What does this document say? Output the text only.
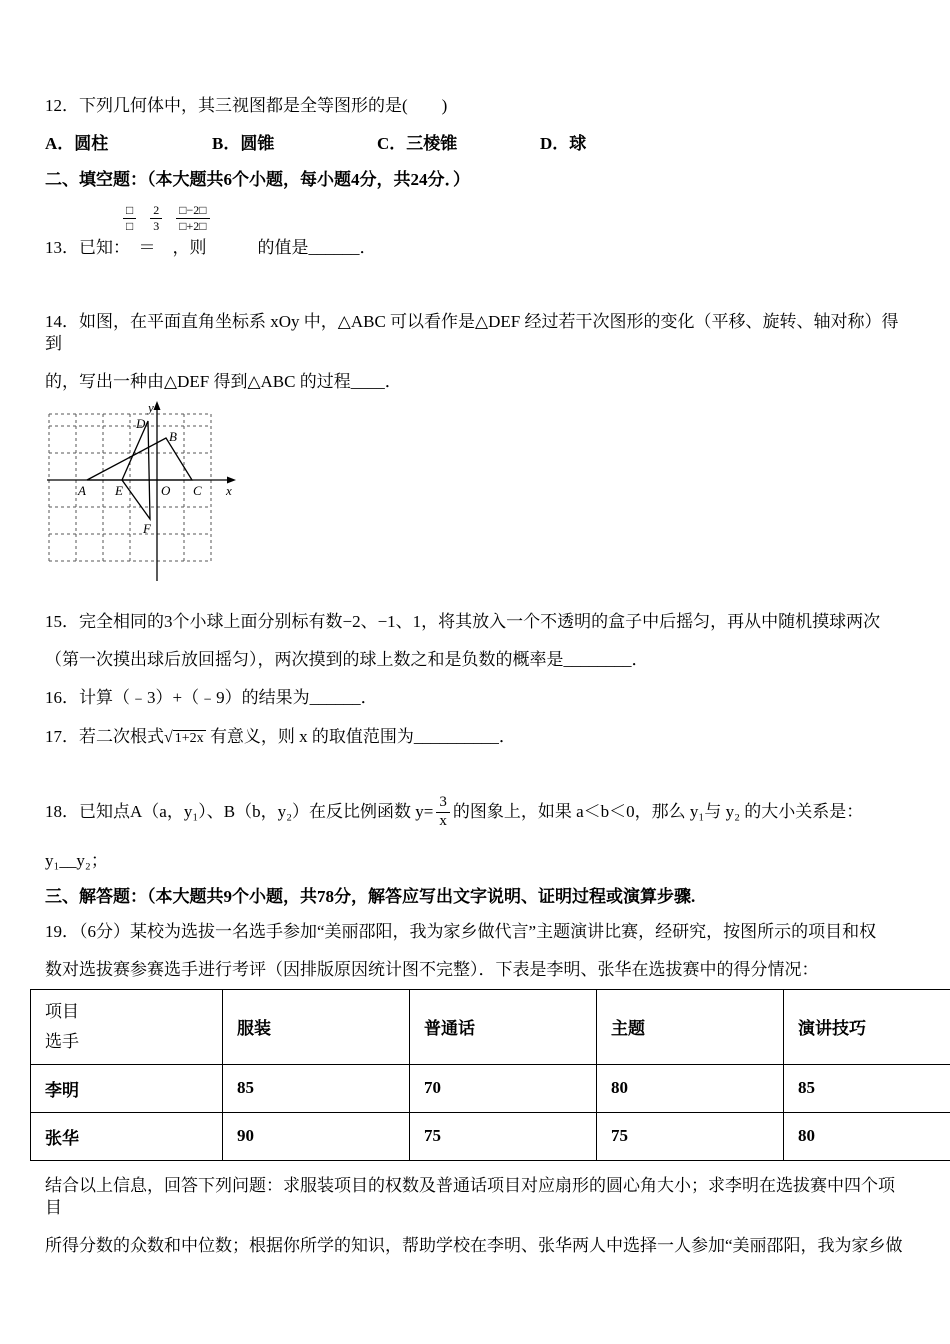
12．下列几何体中，其三视图都是全等图形的是(　　)

A．圆柱	B．圆锥	C．三棱锥	D．球

二、填空题：（本大题共6个小题，每小题4分，共24分．）

$\frac{□}{□} \frac{2}{3} \frac{□-2□}{□+2□}$

13．已知：　＝　，则　　　的值是______．

14．如图，在平面直角坐标系 xOy 中，△ABC 可以看作是△DEF 经过若干次图形的变化（平移、旋转、轴对称）得到

的，写出一种由△DEF 得到△ABC 的过程____．

y
x
O
A E	C
D
B
F

15．完全相同的3个小球上面分别标有数−2、−1、1，将其放入一个不透明的盒子中后摇匀，再从中随机摸球两次

（第一次摸出球后放回摇匀），两次摸到的球上数之和是负数的概率是________．

16．计算（﹣3）+（﹣9）的结果为______．

17．若二次根式√ 1+2x 有意义，则 x 的取值范围为__________．

18．已知点A（a，y₁）、B（b，y₂）在反比例函数 $y= \frac{3}{x}$ 的图象上，如果 a＜b＜0，那么 y₁与 y₂ 的大小关系是：

y₁__y₂；

三、解答题：（本大题共9个小题，共78分，解答应写出文字说明、证明过程或演算步骤.

19．（6分）某校为选拔一名选手参加“美丽邵阳，我为家乡做代言”主题演讲比赛，经研究，按图所示的项目和权

数对选拔赛参赛选手进行考评（因排版原因统计图不完整）．下表是李明、张华在选拔赛中的得分情况：

项目
选手	服装	普通话	主题	演讲技巧
李明	85	70	80	85
张华	90	75	75	80

结合以上信息，回答下列问题：求服装项目的权数及普通话项目对应扇形的圆心角大小；求李明在选拔赛中四个项目

所得分数的众数和中位数；根据你所学的知识，帮助学校在李明、张华两人中选择一人参加“美丽邵阳，我为家乡做
